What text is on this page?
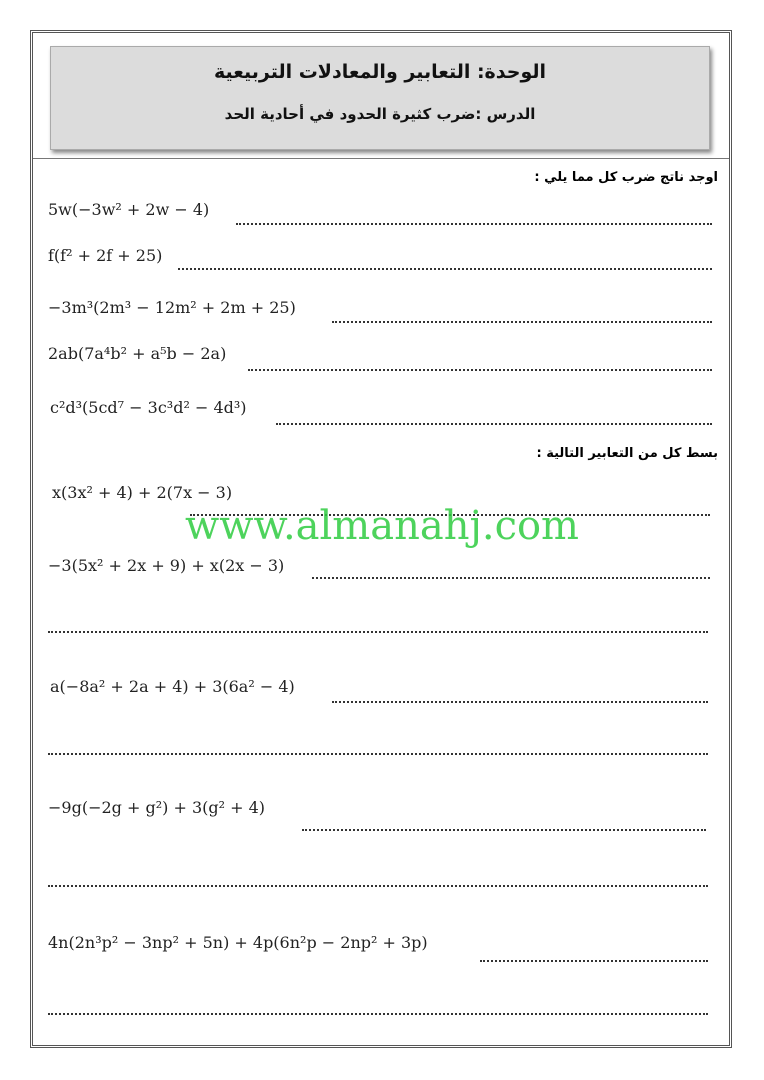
الوحدة: التعابير والمعادلات التربيعية
الدرس :ضرب كثيرة الحدود في أحادية الحد
اوجد ناتج ضرب كل مما يلي :
5w(−3w² + 2w − 4)
f(f² + 2f + 25)
−3m³(2m³ − 12m² + 2m + 25)
2ab(7a⁴b² + a⁵b − 2a)
c²d³(5cd⁷ − 3c³d² − 4d³)
بسط كل من التعابير التالية :
x(3x² + 4) + 2(7x − 3)
−3(5x² + 2x + 9) + x(2x − 3)
a(−8a² + 2a + 4) + 3(6a² − 4)
−9g(−2g + g²) + 3(g² + 4)
4n(2n³p² − 3np² + 5n) + 4p(6n²p − 2np² + 3p)
www.almanahj.com
